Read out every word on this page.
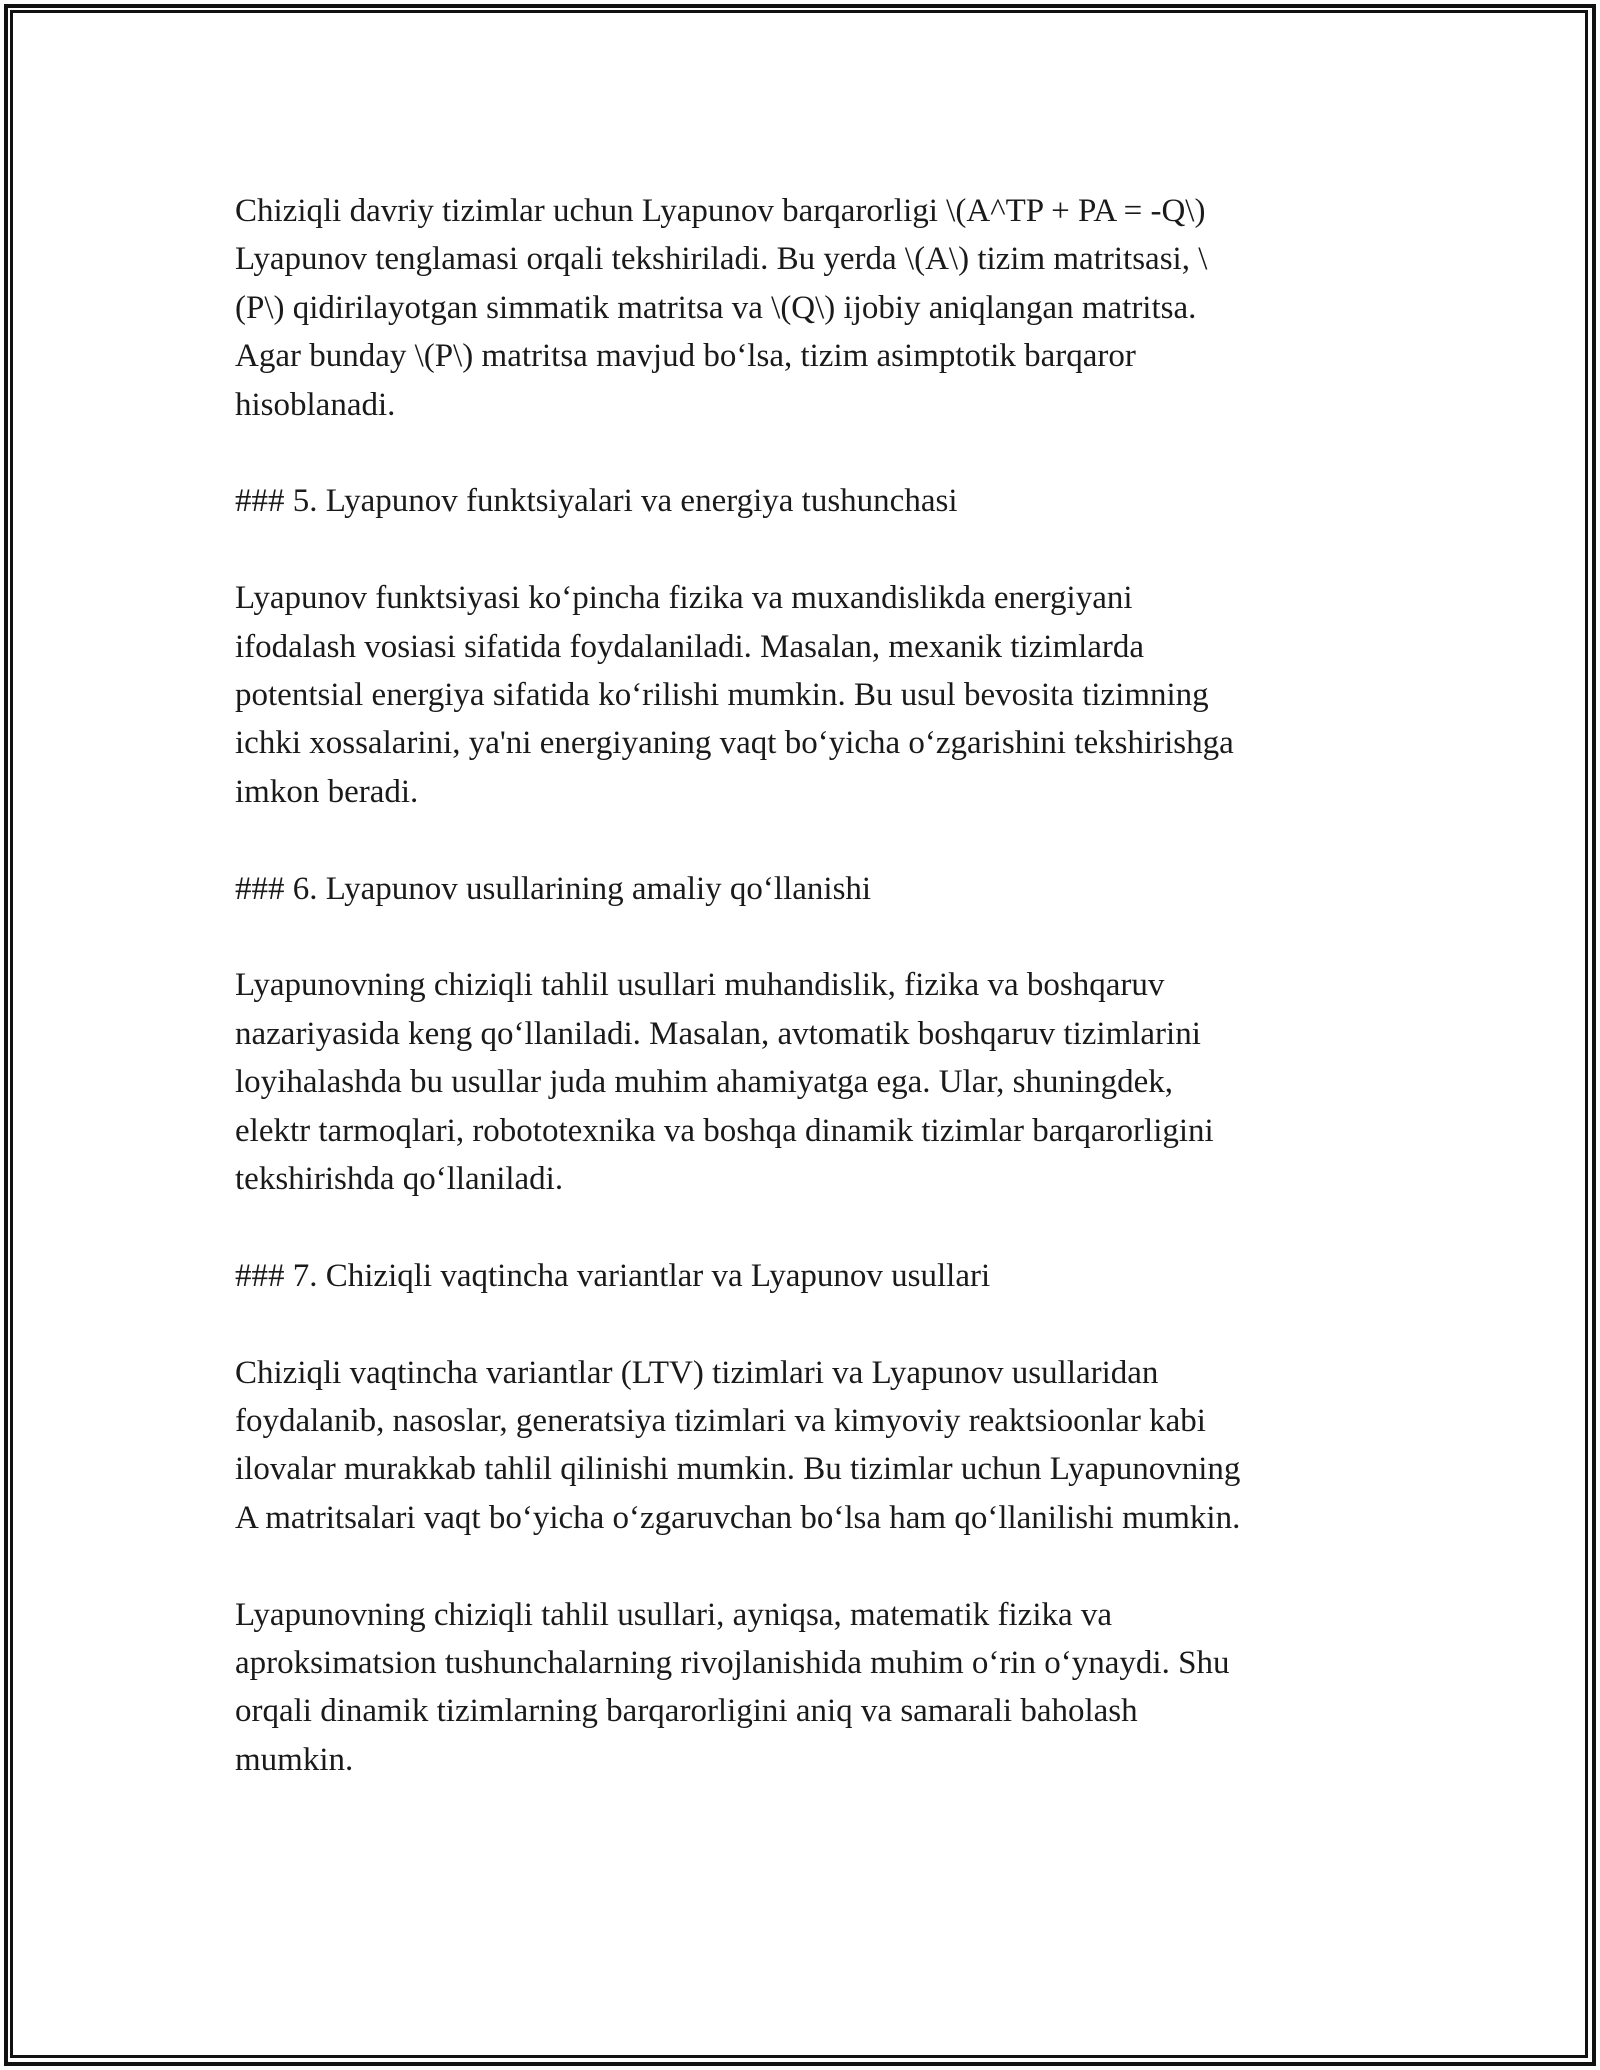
Chiziqli davriy tizimlar uchun Lyapunov barqarorligi \(A^TP + PA = -Q\)
Lyapunov tenglamasi orqali tekshiriladi. Bu yerda \(A\) tizim matritsasi, \
(P\) qidirilayotgan simmatik matritsa va \(Q\) ijobiy aniqlangan matritsa.
Agar bunday \(P\) matritsa mavjud bo‘lsa, tizim asimptotik barqaror
hisoblanadi.
### 5. Lyapunov funktsiyalari va energiya tushunchasi
Lyapunov funktsiyasi ko‘pincha fizika va muxandislikda energiyani
ifodalash vosiasi sifatida foydalaniladi. Masalan, mexanik tizimlarda
potentsial energiya sifatida ko‘rilishi mumkin. Bu usul bevosita tizimning
ichki xossalarini, ya'ni energiyaning vaqt bo‘yicha o‘zgarishini tekshirishga
imkon beradi.
### 6. Lyapunov usullarining amaliy qo‘llanishi
Lyapunovning chiziqli tahlil usullari muhandislik, fizika va boshqaruv
nazariyasida keng qo‘llaniladi. Masalan, avtomatik boshqaruv tizimlarini
loyihalashda bu usullar juda muhim ahamiyatga ega. Ular, shuningdek,
elektr tarmoqlari, robototexnika va boshqa dinamik tizimlar barqarorligini
tekshirishda qo‘llaniladi.
### 7. Chiziqli vaqtincha variantlar va Lyapunov usullari
Chiziqli vaqtincha variantlar (LTV) tizimlari va Lyapunov usullaridan
foydalanib, nasoslar, generatsiya tizimlari va kimyoviy reaktsioonlar kabi
ilovalar murakkab tahlil qilinishi mumkin. Bu tizimlar uchun Lyapunovning
A matritsalari vaqt bo‘yicha o‘zgaruvchan bo‘lsa ham qo‘llanilishi mumkin.
Lyapunovning chiziqli tahlil usullari, ayniqsa, matematik fizika va
aproksimatsion tushunchalarning rivojlanishida muhim o‘rin o‘ynaydi. Shu
orqali dinamik tizimlarning barqarorligini aniq va samarali baholash
mumkin.
